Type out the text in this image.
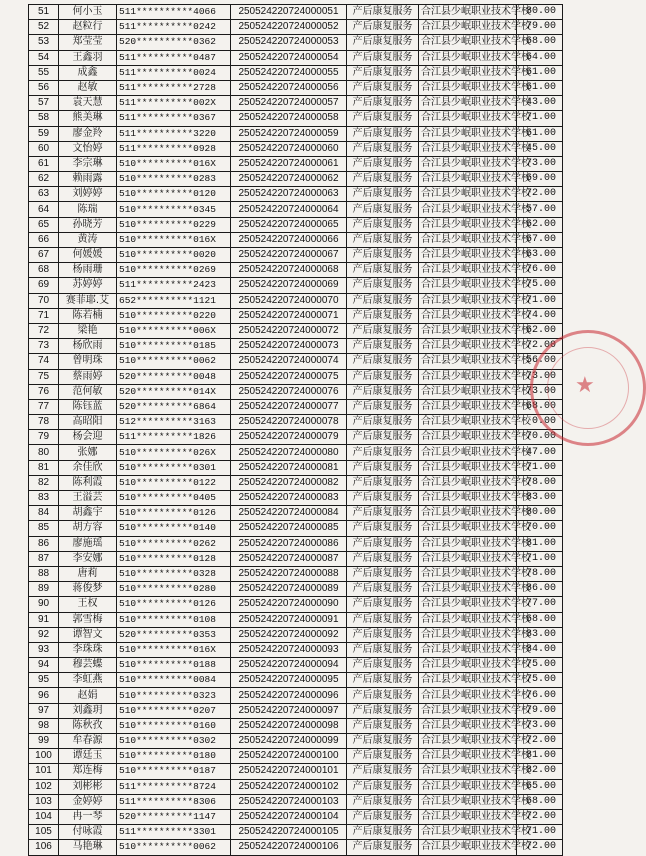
51	何小玉	511**********4066	250524220724000051	产后康复服务	合江县少岷职业技术学校	80.00
52	赵粒行	511**********0242	250524220724000052	产后康复服务	合江县少岷职业技术学校	79.00
53	郑莹莹	520**********0362	250524220724000053	产后康复服务	合江县少岷职业技术学校	68.00
54	王鑫羽	511**********0487	250524220724000054	产后康复服务	合江县少岷职业技术学校	64.00
55	成鑫	511**********0024	250524220724000055	产后康复服务	合江县少岷职业技术学校	61.00
56	赵敏	511**********2728	250524220724000056	产后康复服务	合江县少岷职业技术学校	61.00
57	袁天慧	511**********002X	250524220724000057	产后康复服务	合江县少岷职业技术学校	43.00
58	熊美琳	511**********0367	250524220724000058	产后康复服务	合江县少岷职业技术学校	71.00
59	廖金羚	511**********3220	250524220724000059	产后康复服务	合江县少岷职业技术学校	61.00
60	文怡婷	511**********0928	250524220724000060	产后康复服务	合江县少岷职业技术学校	45.00
61	李宗琳	510**********016X	250524220724000061	产后康复服务	合江县少岷职业技术学校	73.00
62	赖雨露	510**********0283	250524220724000062	产后康复服务	合江县少岷职业技术学校	69.00
63	刘婷婷	510**********0120	250524220724000063	产后康复服务	合江县少岷职业技术学校	72.00
64	陈瑞	510**********0345	250524220724000064	产后康复服务	合江县少岷职业技术学校	57.00
65	孙晓芳	510**********0229	250524220724000065	产后康复服务	合江县少岷职业技术学校	62.00
66	黄涛	510**********016X	250524220724000066	产后康复服务	合江县少岷职业技术学校	67.00
67	何媛媛	510**********0020	250524220724000067	产后康复服务	合江县少岷职业技术学校	63.00
68	杨雨珊	510**********0269	250524220724000068	产后康复服务	合江县少岷职业技术学校	76.00
69	苏婷婷	511**********2423	250524220724000069	产后康复服务	合江县少岷职业技术学校	75.00
70	赛菲耶.艾	652**********1121	250524220724000070	产后康复服务	合江县少岷职业技术学校	71.00
71	陈若楠	510**********0220	250524220724000071	产后康复服务	合江县少岷职业技术学校	74.00
72	梁艳	510**********006X	250524220724000072	产后康复服务	合江县少岷职业技术学校	62.00
73	杨欣雨	510**********0185	250524220724000073	产后康复服务	合江县少岷职业技术学校	72.00
74	曾明珠	510**********0062	250524220724000074	产后康复服务	合江县少岷职业技术学校	56.00
75	蔡雨婷	520**********0048	250524220724000075	产后康复服务	合江县少岷职业技术学校	73.00
76	范何敏	520**********014X	250524220724000076	产后康复服务	合江县少岷职业技术学校	73.00
77	陈钰蓝	520**********6864	250524220724000077	产后康复服务	合江县少岷职业技术学校	68.00
78	高昭阳	512**********3163	250524220724000078	产后康复服务	合江县少岷职业技术学校	0.00
79	杨会迎	511**********1826	250524220724000079	产后康复服务	合江县少岷职业技术学校	70.00
80	张娜	510**********026X	250524220724000080	产后康复服务	合江县少岷职业技术学校	47.00
81	余佳欣	510**********0301	250524220724000081	产后康复服务	合江县少岷职业技术学校	71.00
82	陈利霞	510**********0122	250524220724000082	产后康复服务	合江县少岷职业技术学校	78.00
83	王溢芸	510**********0405	250524220724000083	产后康复服务	合江县少岷职业技术学校	83.00
84	胡鑫宇	510**********0126	250524220724000084	产后康复服务	合江县少岷职业技术学校	80.00
85	胡方容	510**********0140	250524220724000085	产后康复服务	合江县少岷职业技术学校	70.00
86	廖施瑶	510**********0262	250524220724000086	产后康复服务	合江县少岷职业技术学校	81.00
87	李安娜	510**********0128	250524220724000087	产后康复服务	合江县少岷职业技术学校	71.00
88	唐莉	510**********0328	250524220724000088	产后康复服务	合江县少岷职业技术学校	78.00
89	蒋俊梦	510**********0280	250524220724000089	产后康复服务	合江县少岷职业技术学校	86.00
90	王权	510**********0126	250524220724000090	产后康复服务	合江县少岷职业技术学校	77.00
91	郭雪梅	510**********0108	250524220724000091	产后康复服务	合江县少岷职业技术学校	68.00
92	谭智文	520**********0353	250524220724000092	产后康复服务	合江县少岷职业技术学校	83.00
93	李珠珠	510**********016X	250524220724000093	产后康复服务	合江县少岷职业技术学校	84.00
94	穆芸蝶	510**********0188	250524220724000094	产后康复服务	合江县少岷职业技术学校	75.00
95	李虹燕	510**********0084	250524220724000095	产后康复服务	合江县少岷职业技术学校	75.00
96	赵娟	510**********0323	250524220724000096	产后康复服务	合江县少岷职业技术学校	76.00
97	刘鑫玥	510**********0207	250524220724000097	产后康复服务	合江县少岷职业技术学校	79.00
98	陈秋孜	510**********0160	250524220724000098	产后康复服务	合江县少岷职业技术学校	73.00
99	牟春源	510**********0302	250524220724000099	产后康复服务	合江县少岷职业技术学校	72.00
100	谭廷玉	510**********0180	250524220724000100	产后康复服务	合江县少岷职业技术学校	81.00
101	郑连梅	510**********0187	250524220724000101	产后康复服务	合江县少岷职业技术学校	82.00
102	刘彬彬	511**********8724	250524220724000102	产后康复服务	合江县少岷职业技术学校	65.00
103	金婷婷	511**********8306	250524220724000103	产后康复服务	合江县少岷职业技术学校	68.00
104	冉一琴	520**********1147	250524220724000104	产后康复服务	合江县少岷职业技术学校	72.00
105	付咏霞	511**********3301	250524220724000105	产后康复服务	合江县少岷职业技术学校	71.00
106	马艳琳	510**********0062	250524220724000106	产后康复服务	合江县少岷职业技术学校	72.00
★
